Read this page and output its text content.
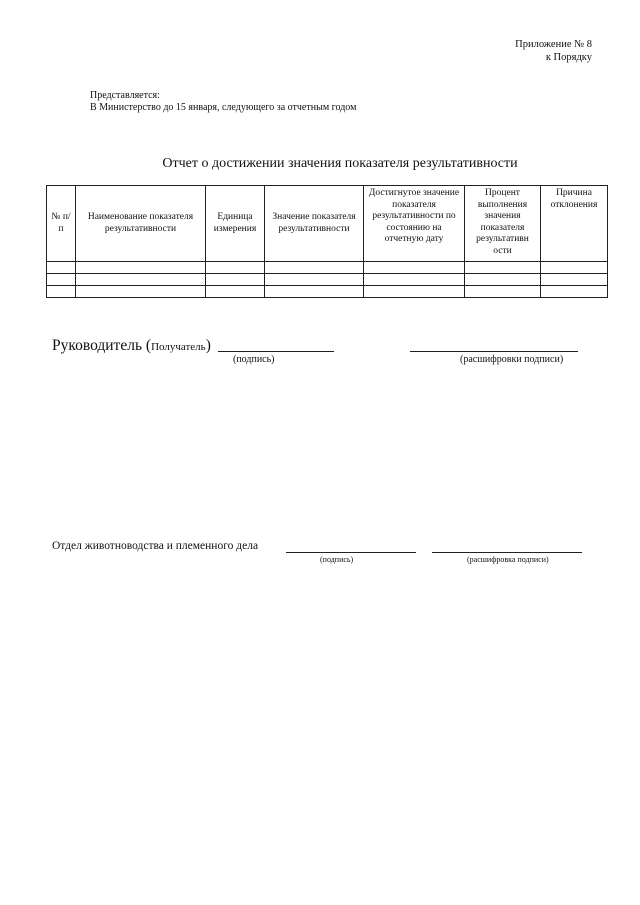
Приложение № 8
к Порядку
Представляется:
В Министерство до 15 января, следующего за отчетным годом
Отчет о достижении значения показателя результативности
№ п/п	Наименование показателя результативности	Единица измерения	Значение показателя результативности	Достигнутое значение показателя результативности по состоянию на отчетную дату	Процент выполнения значения показателя результативн ости	Причина отклонения

Руководитель (Получатель)
(подпись)	(расшифровки подписи)
Отдел животноводства и племенного дела
(подпись)	(расшифровка подписи)
